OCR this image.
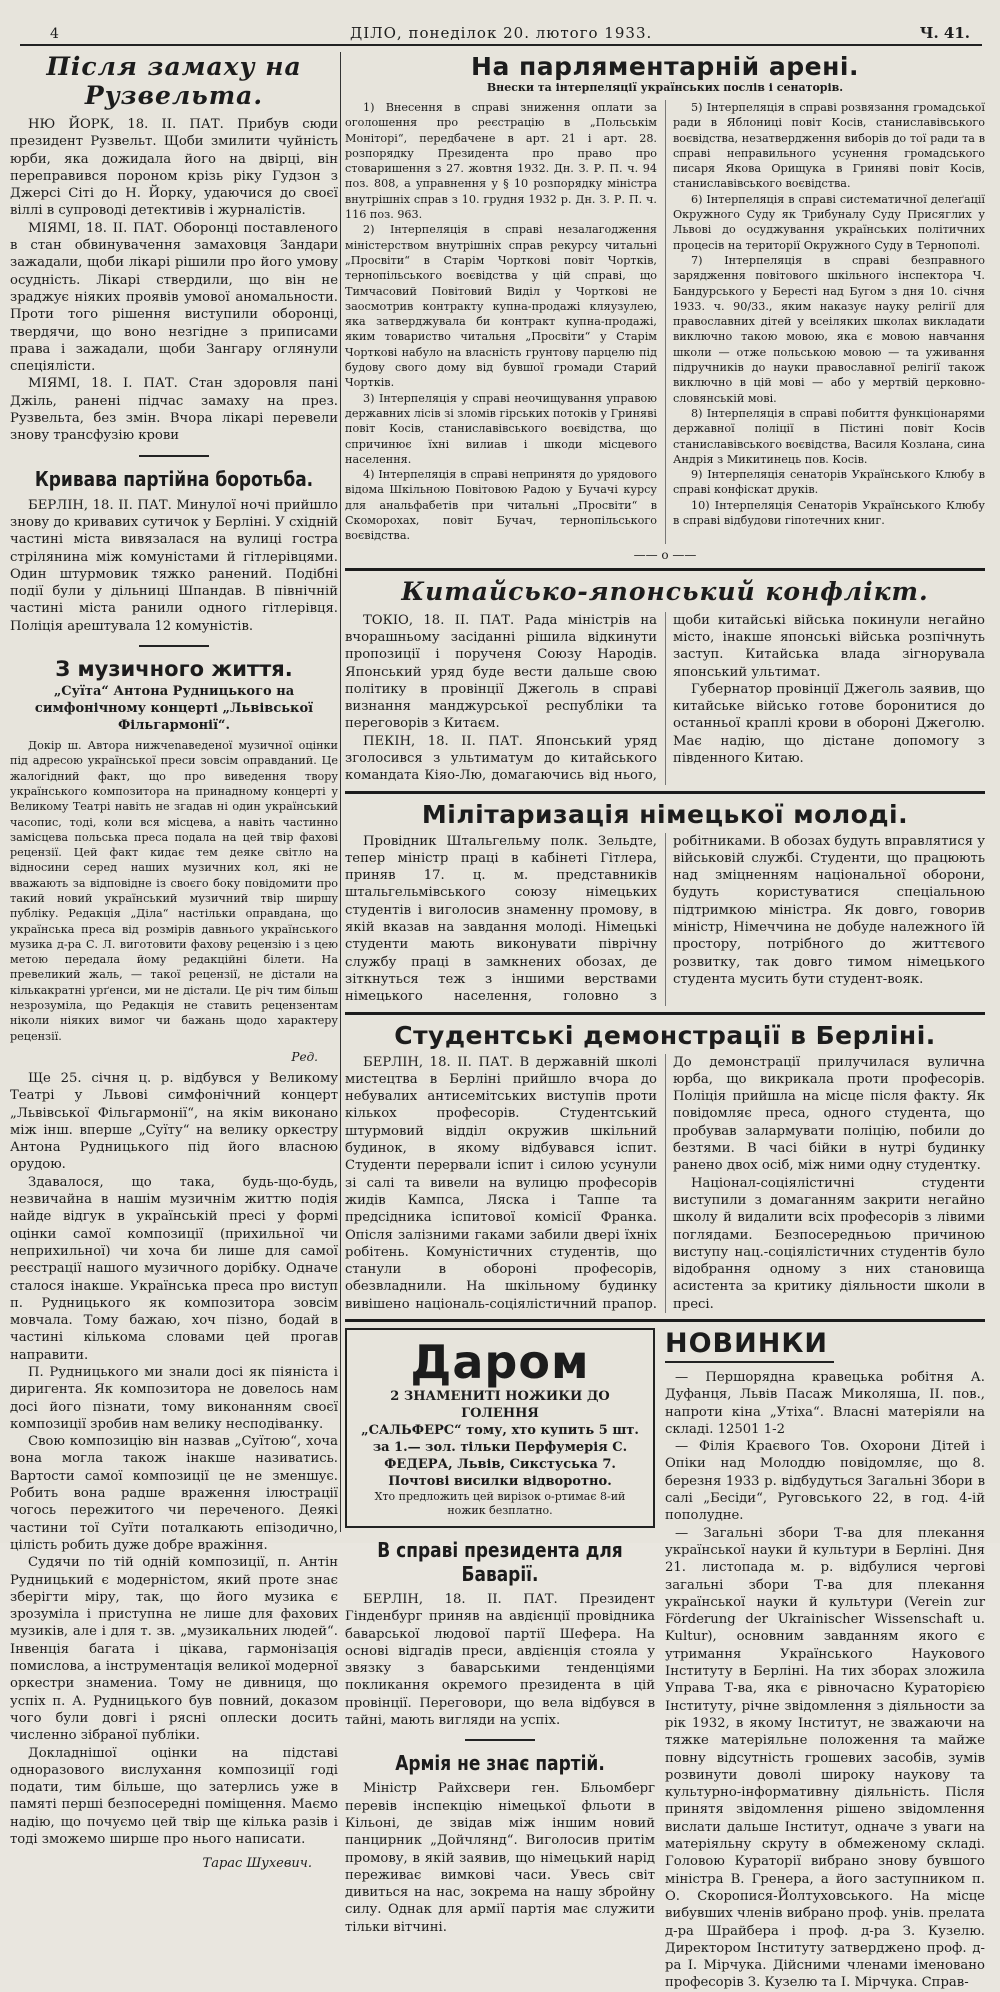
4	ДІЛО, понеділок 20. лютого 1933.	Ч. 41.
Після замаху на Рузвельта.

НЮ ЙОРК, 18. II. ПАТ. Прибув сюди президент Рузвельт. Щоби змилити чуйність юрби, яка дожидала його на двірці, він переправився пороном крізь ріку Гудзон з Джерсі Сіті до Н. Йорку, удаючися до своєї віллі в супроводі детективів і журналістів.

МІЯМІ, 18. II. ПАТ. Оборонці поставленого в стан обвинувачення замаховця Зандари зажадали, щоби лікарі рішили про його умову осудність. Лікарі ствердили, що він не зраджує ніяких проявів умової аномальности. Проти того рішення виступили оборонці, твердячи, що воно незгідне з приписами права і зажадали, щоби Зангару оглянули спеціялісти.

МІЯМІ, 18. І. ПАТ. Стан здоровля пані Джіль, ранені підчас замаху на през. Рузвельта, без змін. Вчора лікарі перевели знову трансфузію крови

Кривава партійна боротьба.

БЕРЛІН, 18. II. ПАТ. Минулої ночі прийшло знову до кривавих сутичок у Берліні. У східній частині міста вивязалася на вулиці гостра стрілянина між комуністами й гітлерівцями. Один штурмовик тяжко ранений. Подібні події були у дільниці Шпандав. В північній частині міста ранили одного гітлерівця. Поліція арештувала 12 комуністів.

З музичного життя.
„Суїта“ Антона Рудницького на симфонічному концерті „Львівської Фільгармонії“.

Докір ш. Автора нижчеnaведеної музичної оцінки під адресою української преси зовсім оправданий. Це жалогідний факт, що про виведення твору українського композитора на принадному концерті у Великому Театрі навіть не згадав ні один український часопис, тоді, коли вся місцева, а навіть частинно замісцева польська преса подала на цей твір фахові рецензії. Цей факт кидає тем деяке світло на відносини серед наших музичних кол, які не вважають за відповідне із своєго боку повідомити про такий новий український музичний твір ширшу публіку. Редакція „Діла“ настільки оправдана, що українська преса від розмірів давнього українського музика д-ра С. Л. виготовити фахову рецензію і з цею метою передала йому редакційні білети. На превеликий жаль, — такої рецензії, не дістали на кількакратні урґенси, ми не дістали. Це річ тим більш незрозуміла, що Редакція не ставить рецензентам ніколи ніяких вимог чи бажань щодо характеру рецензії.

Ред.

Ще 25. січня ц. р. відбувся у Великому Театрі у Львові симфонічний концерт „Львівської Фільгармонії“, на якім виконано між інш. вперше „Суїту“ на велику оркестру Антона Рудницького під його власною орудою.

Здавалося, що така, будь-що-будь, незвичайна в нашім музичнім життю подія найде відгук в українській пресі у формі оцінки самої композиції (прихильної чи неприхильної) чи хоча би лише для самої реєстрації нашого музичного дорібку. Одначе сталося інакше. Українська преса про виступ п. Рудницького як композитора зовсім мовчала. Тому бажаю, хоч пізно, бодай в частині кількома словами цей прогав направити.

П. Рудницького ми знали досі як піяніста і диригента. Як композитора не довелось нам досі його пізнати, тому виконанням своєї композиції зробив нам велику несподіванку.

Свою композицію він назвав „Суїтою“, хоча вона могла також інакше називатись. Вартости самої композиції це не зменшує. Робить вона радше враження ілюстрації чогось пережитого чи переченого. Деякі частини тої Суїти поталкають епізодично, цілість робить дуже добре вражіння.

Судячи по тій одній композиції, п. Антін Рудницький є модерністом, який проте знає зберігти міру, так, що його музика є зрозуміла і приступна не лише для фахових музиків, але і для т. зв. „музикальних людей“. Інвенція багата і цікава, гармонізація помислова, а інструментація великої модерної оркестри знамениа. Тому не дивниця, що успіх п. А. Рудницького був повний, доказом чого були довгі і рясні оплески досить численно зібраної публіки.

Докладнішої оцінки на підставі одноразового вислухання композиції годі подати, тим більше, що затерлись уже в памяті перші безпосередні поміщення. Маємо надію, що почуємо цей твір ще кілька разів і тоді зможемо ширше про нього написати.

Тарас Шухевич.
На парляментарній арені.
Внески та інтерпеляції українських послів і сенаторів.

1) Внесення в справі зниження оплати за оголошення про реєстрацію в „Польськім Моніторі“, передбачене в арт. 21 і арт. 28. розпорядку Президента про право про стоваришення з 27. жовтня 1932. Дн. З. Р. П. ч. 94 поз. 808, а управнення у § 10 розпорядку міністра внутрішніх справ з 10. грудня 1932 р. Дн. З. Р. П. ч. 116 поз. 963.

2) Інтерпеляція в справі незалагодження міністерством внутрішніх справ рекурсу читальні „Просвіти“ в Старім Чорткові повіт Чортків, тернопільського воєвідства у цій справі, що Тимчасовий Повітовий Виділ у Чорткові не заосмотрив контракту купна-продажі кляузулею, яка затверджувала би контракт купна-продажі, яким товариство читальня „Просвіти“ у Старім Чорткові набуло на власність грунтову парцелю під будову свого дому від бувшої громади Старий Чортків.

3) Інтерпеляція у справі неочищування управою державних лісів зі зломів гірських потоків у Гриняві повіт Косів, станиславівського воєвідства, що спричинює їхні вилиав і шкоди місцевого населення.

4) Інтерпеляція в справі непринятя до урядового відома Шкільною Повітовою Радою у Бучачі курсу для анальфабетів при читальні „Просвіти“ в Скоморохах, повіт Бучач, тернопільського воєвідства.

5) Інтерпеляція в справі розвязання громадської ради в Яблониці повіт Косів, станиславівського воєвідства, незатвердження виборів до тої ради та в справі неправильного усунення громадського писаря Якова Орищука в Гриняві повіт Косів, станиславівського воєвідства.

6) Інтерпеляція в справі систематичної делеґації Окружного Суду як Трибуналу Суду Присяглих у Львові до осуджування українських політичних процесів на території Окружного Суду в Тернополі.

7) Інтерпеляція в справі безправного зарядження повітового шкільного інспектора Ч. Бандурського у Бересті над Бугом з дня 10. січня 1933. ч. 90/33., яким наказує науку релігії для православних дітей у всеіляких школах викладати виключно такою мовою, яка є мовою навчання школи — отже польською мовою — та уживання підручників до науки православної релігії також виключно в цій мові — або у мертвій церковно-словянській мові.

8) Інтерпеляція в справі побиття функціонарями державної поліції в Пістині повіт Косів станиславівського воєвідства, Василя Козлана, сина Андрія з Микитинець пов. Косів.

9) Інтерпеляція сенаторів Українського Клюбу в справі конфіскат друків.

10) Інтерпеляція Сенаторів Українського Клюбу в справі відбудови гіпотечних книг.

—— o ——
Китайсько-японський конфлікт.

ТОКІО, 18. II. ПАТ. Рада міністрів на вчорашньому засіданні рішила відкинути пропозиції і порученя Союзу Народів. Японський уряд буде вести дальше свою політику в провінції Джеголь в справі визнання манджурської республіки та переговорів з Китаєм.

ПЕКІН, 18. II. ПАТ. Японський уряд зголосився з ультиматум до китайського командата Кіяо-Лю, домагаючись від нього, щоби китайські війська покинули негайно місто, інакше японські війська розпічнуть заступ. Китайська влада зігнорувала японський ультимат.

Губернатор провінції Джеголь заявив, що китайське військо готове боронитися до останньої краплі крови в обороні Джеголю. Має надію, що дістане допомогу з південного Китаю.

Мілітаризація німецької молоді.

Провідник Штальгельму полк. Зельдте, тепер міністр праці в кабінеті Гітлера, приняв 17. ц. м. представників штальгельмівського союзу німецьких студентів і виголосив знаменну промову, в якій вказав на завдання молоді. Німецькі студенти мають виконувати піврічну службу праці в замкнених обозах, де зіткнуться теж з іншими верствами німецького населення, головно з робітниками. В обозах будуть вправлятися у військовій службі. Студенти, що працюють над зміцненням національної оборони, будуть користуватися спеціальною підтримкою міністра. Як довго, говорив міністр, Німеччина не добуде належного їй простору, потрібного до життєвого розвитку, так довго тимом німецького студента мусить бути студент-вояк.

Студентські демонстрації в Берліні.

БЕРЛІН, 18. II. ПАТ. В державній школі мистецтва в Берліні прийшло вчора до небувалих антисемітських виступів проти кількох професорів. Студентський штурмовий відділ окружив шкільний будинок, в якому відбувався іспит. Студенти перервали іспит і силою усунули зі салі та вивели на вулицю професорів жидів Кампса, Ляска і Таппе та предсідника іспитової комісії Франка. Опісля залізними гаками забили двері їхніх робітень. Комуністичних студентів, що станули в обороні професорів, обезвладнили. На шкільному будинку вивішено національ-соціялістичний прапор. До демонстрації прилучилася вулична юрба, що викрикала проти професорів. Поліція прийшла на місце після факту. Як повідомляє преса, одного студента, що пробував залармувати поліцію, побили до безтями. В часі бійки в нутрі будинку ранено двох осіб, між ними одну студентку.

Націонал-соціялістичні студенти виступили з домаганням закрити негайно школу й видалити всіх професорів з лівими поглядами. Безпосередньою причиною виступу нац.-соціялістичних студентів було відобрання одному з них становища асистента за критику діяльности школи в пресі.

Даром

2 ЗНАМЕНИТІ НОЖИКИ ДО ГОЛЕННЯ

„САЛЬФЕРС“ тому, хто купить 5 шт. за 1.— зол. тільки Перфумерія С. ФЕДЕРА, Львів, Сикстуська 7.

Почтові висилки відворотно.

Хто предложить цей вирізок о-ртимає 8-ий ножик безплатно.

В справі президента для Баварії.

БЕРЛІН, 18. II. ПАТ. Президент Гінденбург приняв на авдієнції провідника баварської людової партії Шефера. На основі відгадів преси, авдієнція стояла у звязку з баварськими тенденціями покликання окремого президента в цій провінції. Переговори, що вела відбувся в тайні, мають вигляди на успіх.

Армія не знає партій.

Міністр Райхсвери ген. Бльомберг перевів інспекцію німецької фльоти в Кільоні, де звідав між іншим новий панцирник „Дойчлянд“. Виголосив притім промову, в якій заявив, що німецький нарід переживає вимкові часи. Увесь світ дивиться на нас, зокрема на нашу збройну силу. Однак для армії партія має служити тільки вітчині.

НОВИНКИ

— Першорядна кравецька робітня А. Дуфанця, Львів Пасаж Миколяша, II. пов., напроти кіна „Утіха“. Власні матеріяли на складі. 12501 1-2

— Філія Краєвого Тов. Охорони Дітей і Опіки над Молоддю повідомляє, що 8. березня 1933 р. відбудуться Загальні Збори в салі „Бесіди“, Руговського 22, в год. 4-ій пополудне.

— Загальні збори Т-ва для плекання української науки й культури в Берліні. Дня 21. листопада м. р. відбулися чергові загальні збори Т-ва для плекання української науки й культури (Verein zur Förderung der Ukrainischer Wissenschaft u. Kultur), основним завданням якого є утримання Українського Наукового Інституту в Берліні. На тих зборах зложила Управа Т-ва, яка є рівночасно Кураторією Інституту, річне звідомлення з діяльности за рік 1932, в якому Інститут, не зважаючи на тяжке матеріяльне положення та майже повну відсутність грошевих засобів, зумів розвинути доволі широку наукову та культурно-інформативну діяльність. Після принятя звідомлення рішено звідомлення вислати дальше Інститут, одначе з уваги на матеріяльну скруту в обмеженому складі. Головою Кураторії вибрано знову бувшого міністра В. Гренера, а його заступником п. О. Скоропися-Йолтуховського. На місце вибувших членів вибрано проф. унів. прелата д-ра Шрайбера і проф. д-ра З. Кузелю. Директором Інституту затверджено проф. д-ра І. Мірчука. Дійсними членами іменовано професорів З. Кузелю та І. Мірчука. Справ-
